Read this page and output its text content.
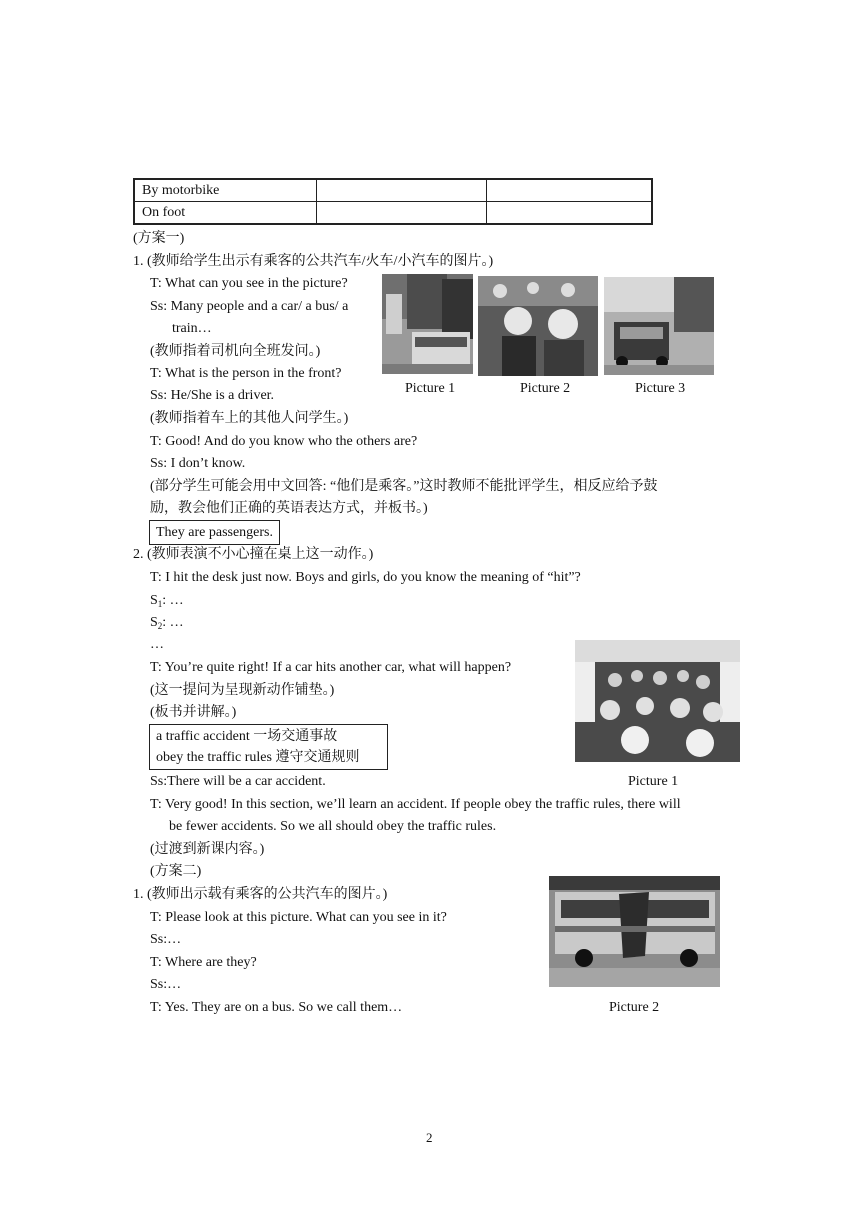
By motorbike		
On foot		
(方案一)
1. (教师给学生出示有乘客的公共汽车/火车/小汽车的图片。)
T: What can you see in the picture?
Ss: Many people and a car/ a bus/ a
train…
(教师指着司机向全班发问。)
T: What is the person in the front?
Ss: He/She is a driver.
(教师指着车上的其他人问学生。)
T: Good! And do you know who the others are?
Ss: I don’t know.
(部分学生可能会用中文回答: “他们是乘客。”这时教师不能批评学生，相反应给予鼓
励，教会他们正确的英语表达方式，并板书。)
They are passengers.
Picture 1	Picture 2	Picture 3
2. (教师表演不小心撞在桌上这一动作。)
T: I hit the desk just now. Boys and girls, do you know the meaning of “hit”?
$S_1$: …
$S_2$: …
…
T: You’re quite right! If a car hits another car, what will happen?
(这一提问为呈现新动作铺垫。)
(板书并讲解。)
a traffic accident 一场交通事故
obey the traffic rules 遵守交通规则
Ss:There will be a car accident.	Picture 1
T: Very good! In this section, we’ll learn an accident. If people obey the traffic rules, there will
be fewer accidents. So we all should obey the traffic rules.
(过渡到新课内容。)
(方案二)
1. (教师出示载有乘客的公共汽车的图片。)
T: Please look at this picture. What can you see in it?
Ss:…
T: Where are they?
Ss:…
T: Yes. They are on a bus. So we call them…	Picture 2
2
